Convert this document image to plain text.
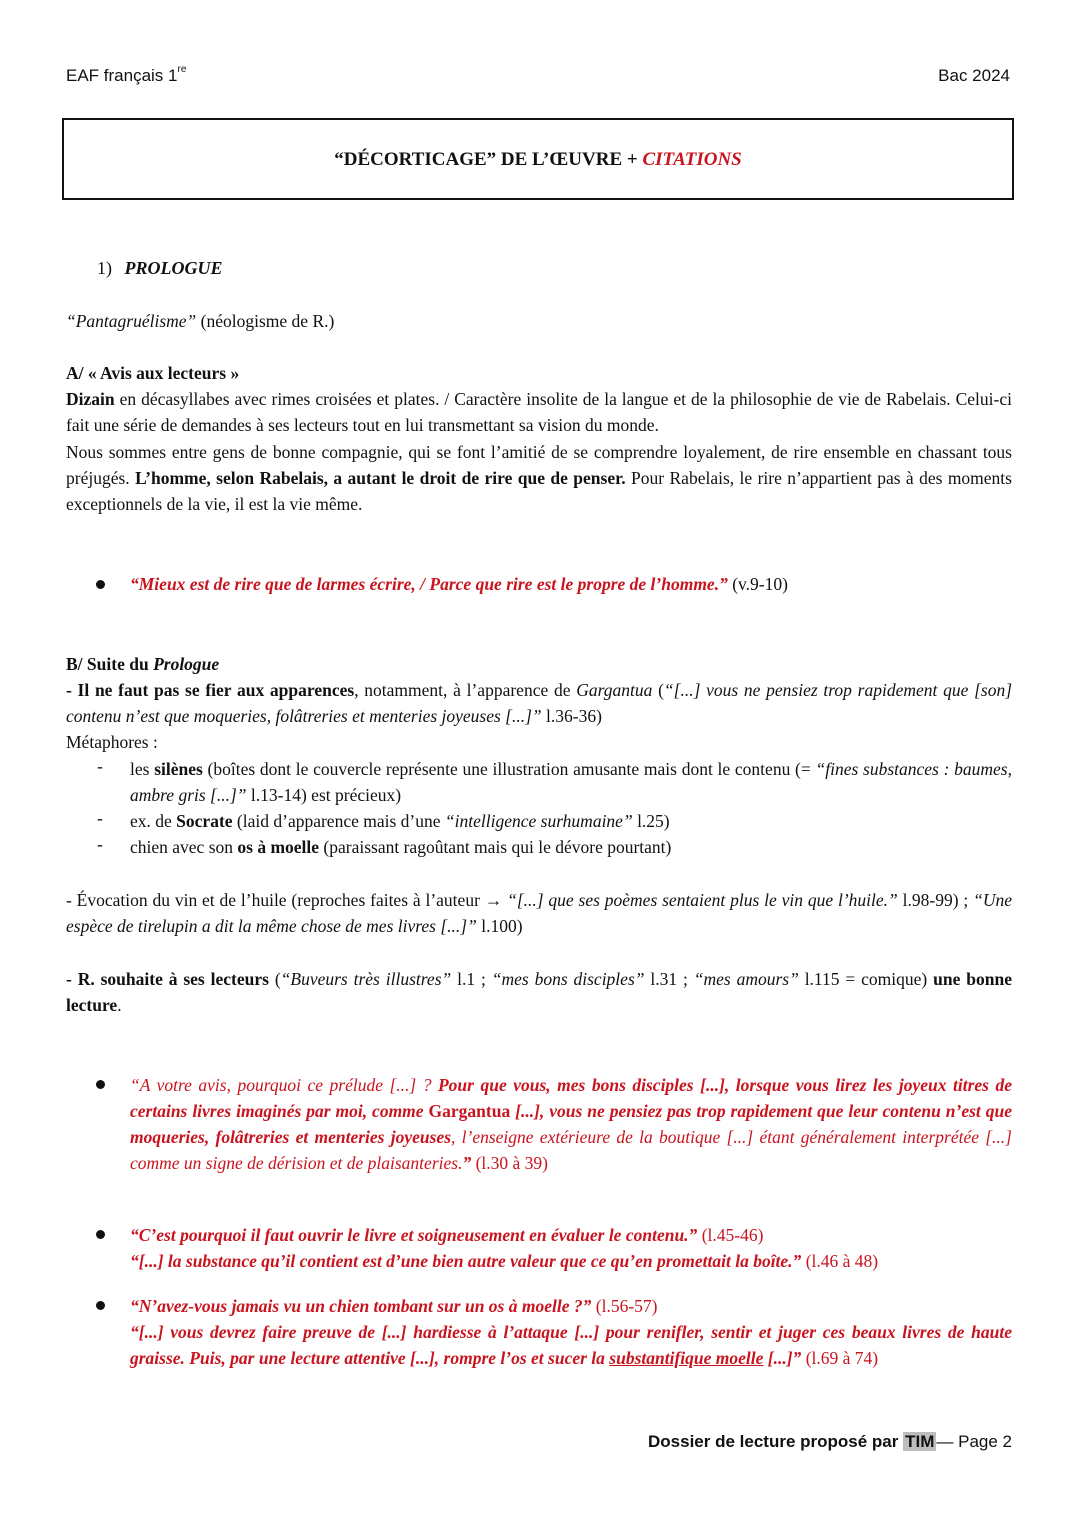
EAF français 1re	Bac 2024
“DÉCORTICAGE” DE L’ŒUVRE + CITATIONS
1) PROLOGUE
“Pantagruélisme” (néologisme de R.)
A/ « Avis aux lecteurs »
Dizain en décasyllabes avec rimes croisées et plates. / Caractère insolite de la langue et de la philosophie de vie de Rabelais. Celui-ci fait une série de demandes à ses lecteurs tout en lui transmettant sa vision du monde.
Nous sommes entre gens de bonne compagnie, qui se font l’amitié de se comprendre loyalement, de rire ensemble en chassant tous préjugés. L’homme, selon Rabelais, a autant le droit de rire que de penser. Pour Rabelais, le rire n’appartient pas à des moments exceptionnels de la vie, il est la vie même.
“Mieux est de rire que de larmes écrire, / Parce que rire est le propre de l’homme.” (v.9-10)
B/ Suite du Prologue
- Il ne faut pas se fier aux apparences, notamment, à l’apparence de Gargantua (“[...] vous ne pensiez trop rapidement que [son] contenu n’est que moqueries, folâtreries et menteries joyeuses [...]” l.36-36)
Métaphores :
- les silènes (boîtes dont le couvercle représente une illustration amusante mais dont le contenu (= “fines substances : baumes, ambre gris [...]” l.13-14) est précieux)
- ex. de Socrate (laid d’apparence mais d’une “intelligence surhumaine” l.25)
- chien avec son os à moelle (paraissant ragoûtant mais qui le dévore pourtant)
- Évocation du vin et de l’huile (reproches faites à l’auteur → “[...] que ses poèmes sentaient plus le vin que l’huile.” l.98-99) ; “Une espèce de tirelupin a dit la même chose de mes livres [...]” l.100)
- R. souhaite à ses lecteurs (“Buveurs très illustres” l.1 ; “mes bons disciples” l.31 ; “mes amours” l.115 = comique) une bonne lecture.
“A votre avis, pourquoi ce prélude [...] ? Pour que vous, mes bons disciples [...], lorsque vous lirez les joyeux titres de certains livres imaginés par moi, comme Gargantua [...], vous ne pensiez pas trop rapidement que leur contenu n’est que moqueries, folâtreries et menteries joyeuses, l’enseigne extérieure de la boutique [...] étant généralement interprétée [...] comme un signe de dérision et de plaisanteries.” (l.30 à 39)
“C’est pourquoi il faut ouvrir le livre et soigneusement en évaluer le contenu.” (l.45-46)
“[...] la substance qu’il contient est d’une bien autre valeur que ce qu’en promettait la boîte.” (l.46 à 48)
“N’avez-vous jamais vu un chien tombant sur un os à moelle ?” (l.56-57)
“[...] vous devrez faire preuve de [...] hardiesse à l’attaque [...] pour renifler, sentir et juger ces beaux livres de haute graisse. Puis, par une lecture attentive [...], rompre l’os et sucer la substantifique moelle [...]” (l.69 à 74)
Dossier de lecture proposé par TIM — Page 2
